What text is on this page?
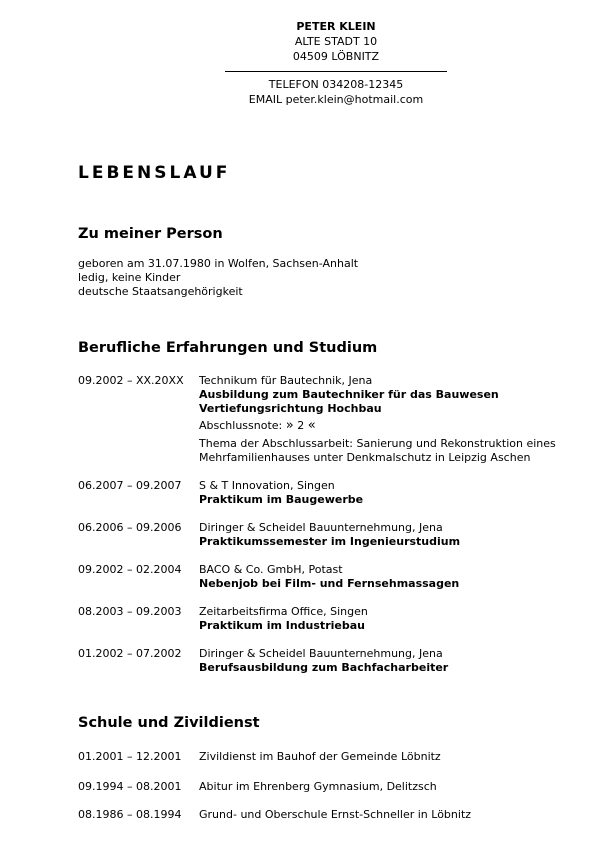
PETER KLEIN
ALTE STADT 10
04509 LÖBNITZ
TELEFON 034208-12345
EMAIL peter.klein@hotmail.com
LEBENSLAUF
Zu meiner Person
geboren am 31.07.1980 in Wolfen, Sachsen-Anhalt
ledig, keine Kinder
deutsche Staatsangehörigkeit
Berufliche Erfahrungen und Studium
09.2002 – XX.20XX	Technikum für Bautechnik, Jena
Ausbildung zum Bautechniker für das Bauwesen
Vertiefungsrichtung Hochbau
Abschlussnote: » 2 «
Thema der Abschlussarbeit: Sanierung und Rekonstruktion eines
Mehrfamilienhauses unter Denkmalschutz in Leipzig Aschen
06.2007 – 09.2007	S & T Innovation, Singen
Praktikum im Baugewerbe
06.2006 – 09.2006	Diringer & Scheidel Bauunternehmung, Jena
Praktikumssemester im Ingenieurstudium
09.2002 – 02.2004	BACO & Co. GmbH, Potast
Nebenjob bei Film- und Fernsehmassagen
08.2003 – 09.2003	Zeitarbeitsfirma Office, Singen
Praktikum im Industriebau
01.2002 – 07.2002	Diringer & Scheidel Bauunternehmung, Jena
Berufsausbildung zum Bachfacharbeiter
Schule und Zivildienst
01.2001 – 12.2001	Zivildienst im Bauhof der Gemeinde Löbnitz
09.1994 – 08.2001	Abitur im Ehrenberg Gymnasium, Delitzsch
08.1986 – 08.1994	Grund- und Oberschule Ernst-Schneller in Löbnitz
